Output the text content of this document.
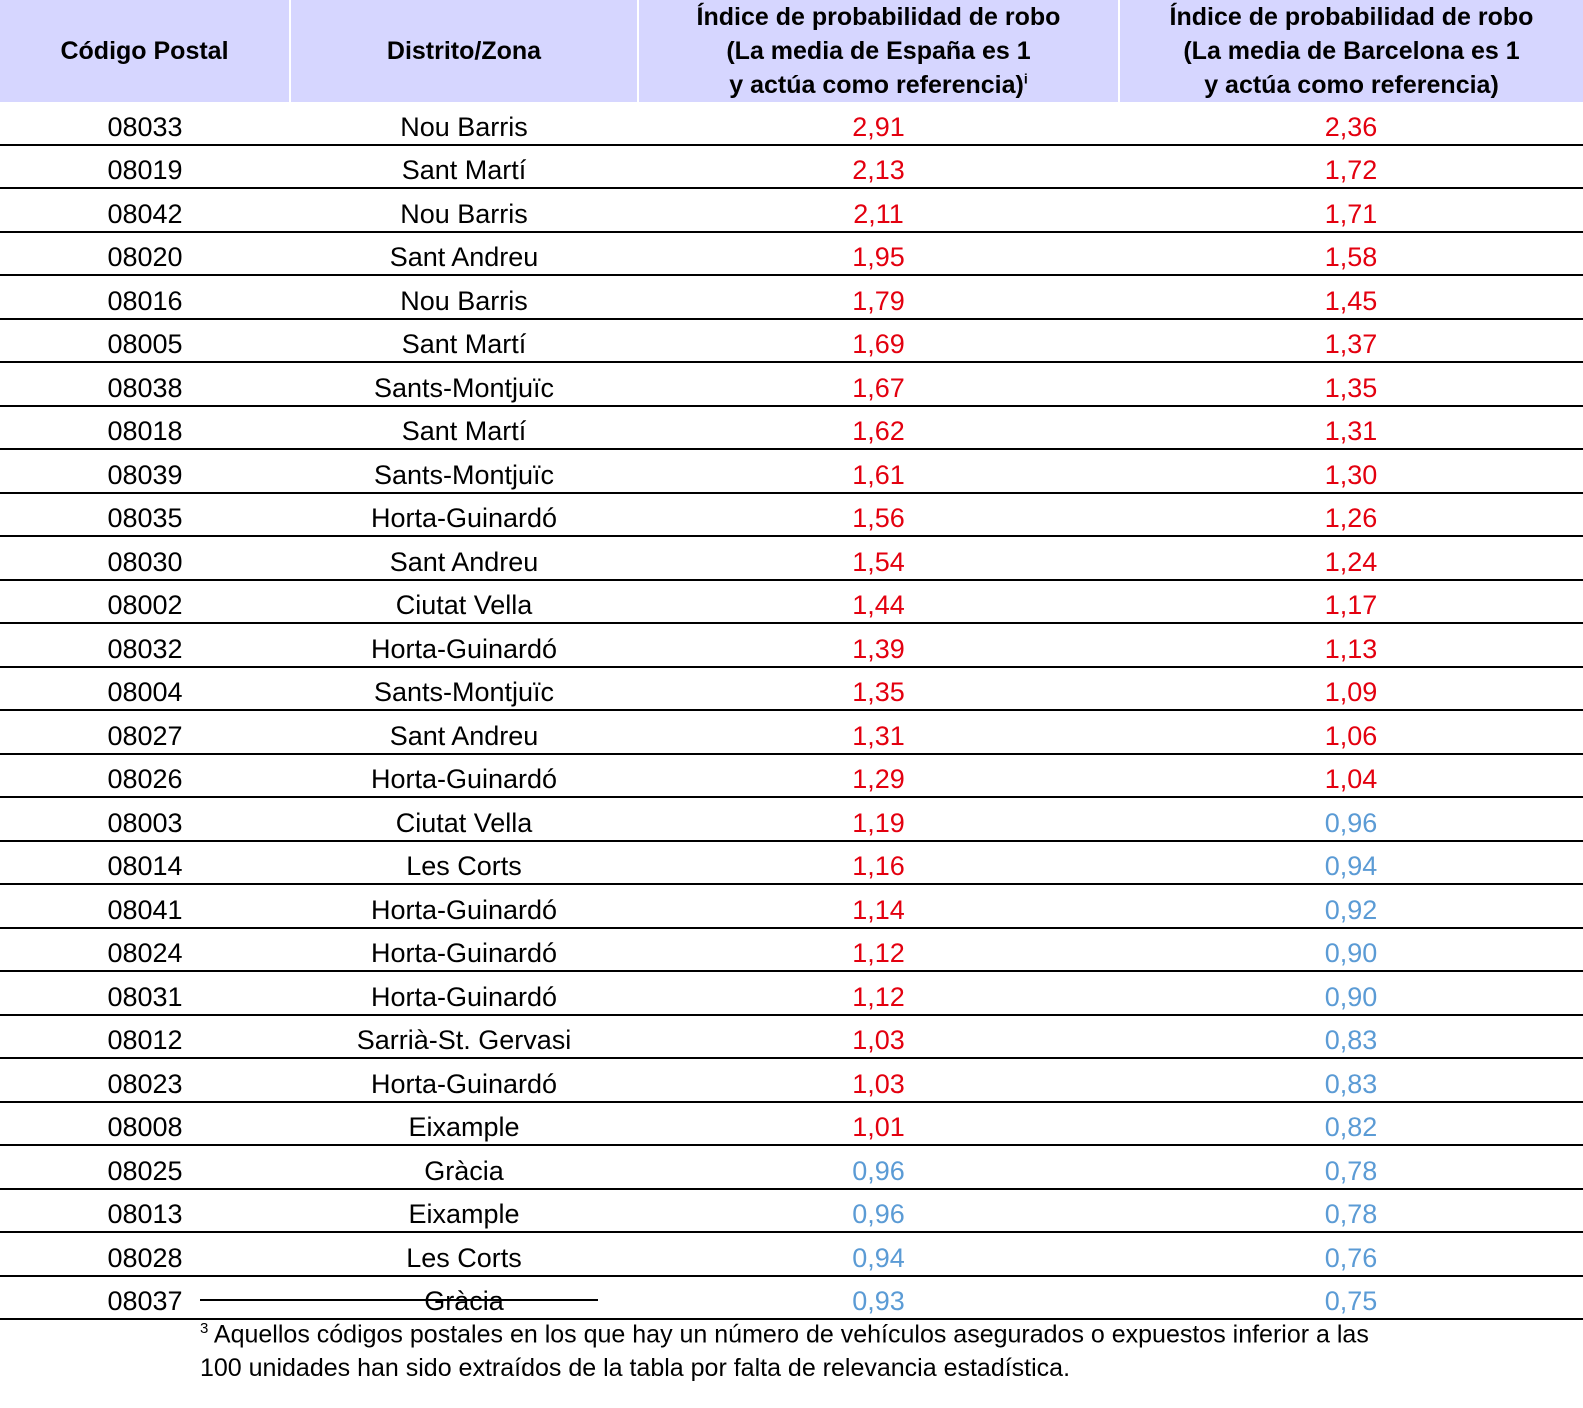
Código Postal	Distrito/Zona	Índice de probabilidad de robo
(La media de España es 1
y actúa como referencia)$^i$	Índice de probabilidad de robo
(La media de Barcelona es 1
y actúa como referencia)

08033	Nou Barris	2,91	2,36
08019	Sant Martí	2,13	1,72
08042	Nou Barris	2,11	1,71
08020	Sant Andreu	1,95	1,58
08016	Nou Barris	1,79	1,45
08005	Sant Martí	1,69	1,37
08038	Sants-Montjuïc	1,67	1,35
08018	Sant Martí	1,62	1,31
08039	Sants-Montjuïc	1,61	1,30
08035	Horta-Guinardó	1,56	1,26
08030	Sant Andreu	1,54	1,24
08002	Ciutat Vella	1,44	1,17
08032	Horta-Guinardó	1,39	1,13
08004	Sants-Montjuïc	1,35	1,09
08027	Sant Andreu	1,31	1,06
08026	Horta-Guinardó	1,29	1,04
08003	Ciutat Vella	1,19	0,96
08014	Les Corts	1,16	0,94
08041	Horta-Guinardó	1,14	0,92
08024	Horta-Guinardó	1,12	0,90
08031	Horta-Guinardó	1,12	0,90
08012	Sarrià-St. Gervasi	1,03	0,83
08023	Horta-Guinardó	1,03	0,83
08008	Eixample	1,01	0,82
08025	Gràcia	0,96	0,78
08013	Eixample	0,96	0,78
08028	Les Corts	0,94	0,76
08037	Gràcia	0,93	0,75
$^3$ Aquellos códigos postales en los que hay un número de vehículos asegurados o expuestos inferior a las 100 unidades han sido extraídos de la tabla por falta de relevancia estadística.
